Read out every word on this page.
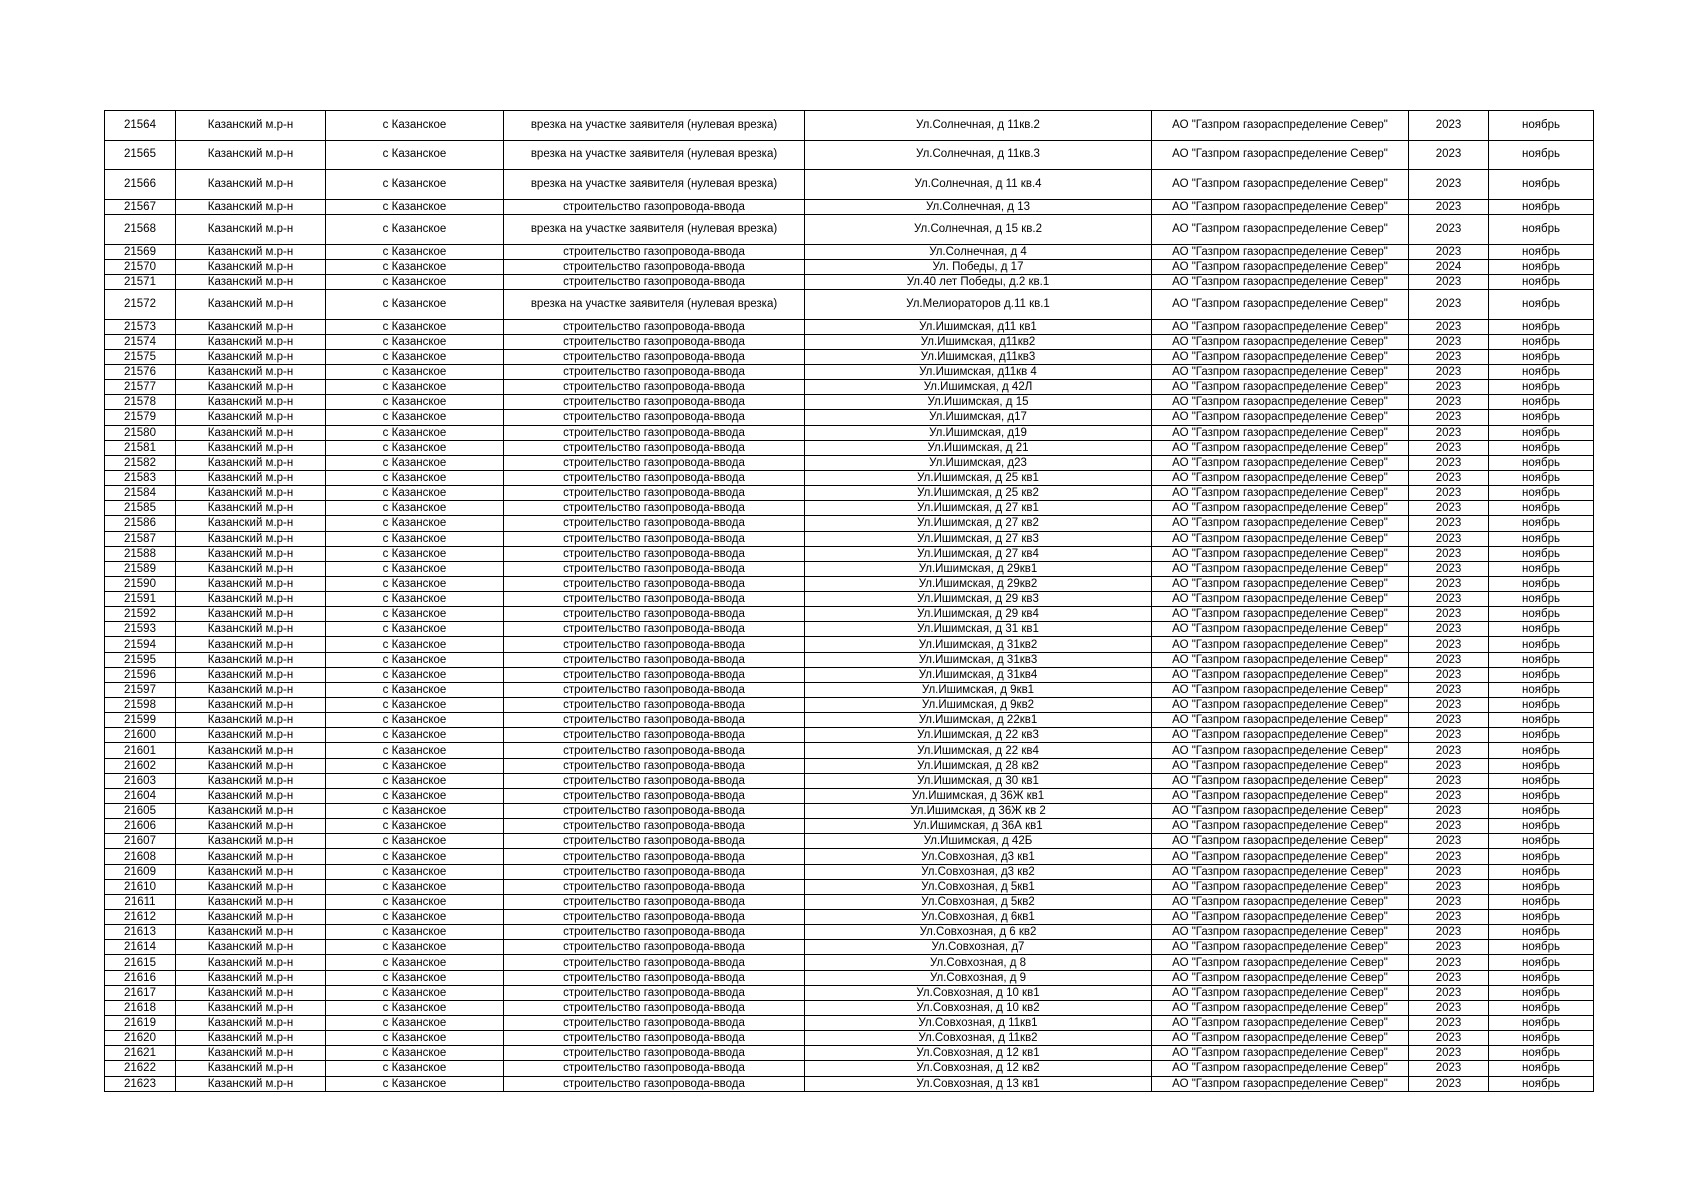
21564	Казанский м.р-н	с Казанское	врезка на участке заявителя (нулевая врезка)	Ул.Солнечная, д 11кв.2	АО "Газпром газораспределение Север"	2023	ноябрь
21565	Казанский м.р-н	с Казанское	врезка на участке заявителя (нулевая врезка)	Ул.Солнечная, д 11кв.3	АО "Газпром газораспределение Север"	2023	ноябрь
21566	Казанский м.р-н	с Казанское	врезка на участке заявителя (нулевая врезка)	Ул.Солнечная, д 11 кв.4	АО "Газпром газораспределение Север"	2023	ноябрь
21567	Казанский м.р-н	с Казанское	строительство газопровода-ввода	Ул.Солнечная, д 13	АО "Газпром газораспределение Север"	2023	ноябрь
21568	Казанский м.р-н	с Казанское	врезка на участке заявителя (нулевая врезка)	Ул.Солнечная, д 15 кв.2	АО "Газпром газораспределение Север"	2023	ноябрь
21569	Казанский м.р-н	с Казанское	строительство газопровода-ввода	Ул.Солнечная, д 4	АО "Газпром газораспределение Север"	2023	ноябрь
21570	Казанский м.р-н	с Казанское	строительство газопровода-ввода	Ул. Победы, д 17	АО "Газпром газораспределение Север"	2024	ноябрь
21571	Казанский м.р-н	с Казанское	строительство газопровода-ввода	Ул.40 лет Победы, д.2 кв.1	АО "Газпром газораспределение Север"	2023	ноябрь
21572	Казанский м.р-н	с Казанское	врезка на участке заявителя (нулевая врезка)	Ул.Мелиораторов д.11 кв.1	АО "Газпром газораспределение Север"	2023	ноябрь
21573	Казанский м.р-н	с Казанское	строительство газопровода-ввода	Ул.Ишимская, д11 кв1	АО "Газпром газораспределение Север"	2023	ноябрь
21574	Казанский м.р-н	с Казанское	строительство газопровода-ввода	Ул.Ишимская, д11кв2	АО "Газпром газораспределение Север"	2023	ноябрь
21575	Казанский м.р-н	с Казанское	строительство газопровода-ввода	Ул.Ишимская, д11кв3	АО "Газпром газораспределение Север"	2023	ноябрь
21576	Казанский м.р-н	с Казанское	строительство газопровода-ввода	Ул.Ишимская, д11кв 4	АО "Газпром газораспределение Север"	2023	ноябрь
21577	Казанский м.р-н	с Казанское	строительство газопровода-ввода	Ул.Ишимская, д 42Л	АО "Газпром газораспределение Север"	2023	ноябрь
21578	Казанский м.р-н	с Казанское	строительство газопровода-ввода	Ул.Ишимская, д 15	АО "Газпром газораспределение Север"	2023	ноябрь
21579	Казанский м.р-н	с Казанское	строительство газопровода-ввода	Ул.Ишимская, д17	АО "Газпром газораспределение Север"	2023	ноябрь
21580	Казанский м.р-н	с Казанское	строительство газопровода-ввода	Ул.Ишимская, д19	АО "Газпром газораспределение Север"	2023	ноябрь
21581	Казанский м.р-н	с Казанское	строительство газопровода-ввода	Ул.Ишимская, д 21	АО "Газпром газораспределение Север"	2023	ноябрь
21582	Казанский м.р-н	с Казанское	строительство газопровода-ввода	Ул.Ишимская, д23	АО "Газпром газораспределение Север"	2023	ноябрь
21583	Казанский м.р-н	с Казанское	строительство газопровода-ввода	Ул.Ишимская, д 25 кв1	АО "Газпром газораспределение Север"	2023	ноябрь
21584	Казанский м.р-н	с Казанское	строительство газопровода-ввода	Ул.Ишимская, д 25 кв2	АО "Газпром газораспределение Север"	2023	ноябрь
21585	Казанский м.р-н	с Казанское	строительство газопровода-ввода	Ул.Ишимская, д 27 кв1	АО "Газпром газораспределение Север"	2023	ноябрь
21586	Казанский м.р-н	с Казанское	строительство газопровода-ввода	Ул.Ишимская, д 27 кв2	АО "Газпром газораспределение Север"	2023	ноябрь
21587	Казанский м.р-н	с Казанское	строительство газопровода-ввода	Ул.Ишимская, д 27 кв3	АО "Газпром газораспределение Север"	2023	ноябрь
21588	Казанский м.р-н	с Казанское	строительство газопровода-ввода	Ул.Ишимская, д 27 кв4	АО "Газпром газораспределение Север"	2023	ноябрь
21589	Казанский м.р-н	с Казанское	строительство газопровода-ввода	Ул.Ишимская, д 29кв1	АО "Газпром газораспределение Север"	2023	ноябрь
21590	Казанский м.р-н	с Казанское	строительство газопровода-ввода	Ул.Ишимская, д 29кв2	АО "Газпром газораспределение Север"	2023	ноябрь
21591	Казанский м.р-н	с Казанское	строительство газопровода-ввода	Ул.Ишимская, д 29 кв3	АО "Газпром газораспределение Север"	2023	ноябрь
21592	Казанский м.р-н	с Казанское	строительство газопровода-ввода	Ул.Ишимская, д 29 кв4	АО "Газпром газораспределение Север"	2023	ноябрь
21593	Казанский м.р-н	с Казанское	строительство газопровода-ввода	Ул.Ишимская, д 31 кв1	АО "Газпром газораспределение Север"	2023	ноябрь
21594	Казанский м.р-н	с Казанское	строительство газопровода-ввода	Ул.Ишимская, д 31кв2	АО "Газпром газораспределение Север"	2023	ноябрь
21595	Казанский м.р-н	с Казанское	строительство газопровода-ввода	Ул.Ишимская, д 31кв3	АО "Газпром газораспределение Север"	2023	ноябрь
21596	Казанский м.р-н	с Казанское	строительство газопровода-ввода	Ул.Ишимская, д 31кв4	АО "Газпром газораспределение Север"	2023	ноябрь
21597	Казанский м.р-н	с Казанское	строительство газопровода-ввода	Ул.Ишимская, д 9кв1	АО "Газпром газораспределение Север"	2023	ноябрь
21598	Казанский м.р-н	с Казанское	строительство газопровода-ввода	Ул.Ишимская, д 9кв2	АО "Газпром газораспределение Север"	2023	ноябрь
21599	Казанский м.р-н	с Казанское	строительство газопровода-ввода	Ул.Ишимская, д 22кв1	АО "Газпром газораспределение Север"	2023	ноябрь
21600	Казанский м.р-н	с Казанское	строительство газопровода-ввода	Ул.Ишимская, д 22 кв3	АО "Газпром газораспределение Север"	2023	ноябрь
21601	Казанский м.р-н	с Казанское	строительство газопровода-ввода	Ул.Ишимская, д 22 кв4	АО "Газпром газораспределение Север"	2023	ноябрь
21602	Казанский м.р-н	с Казанское	строительство газопровода-ввода	Ул.Ишимская, д 28 кв2	АО "Газпром газораспределение Север"	2023	ноябрь
21603	Казанский м.р-н	с Казанское	строительство газопровода-ввода	Ул.Ишимская, д 30 кв1	АО "Газпром газораспределение Север"	2023	ноябрь
21604	Казанский м.р-н	с Казанское	строительство газопровода-ввода	Ул.Ишимская, д 36Ж кв1	АО "Газпром газораспределение Север"	2023	ноябрь
21605	Казанский м.р-н	с Казанское	строительство газопровода-ввода	Ул.Ишимская, д 36Ж кв 2	АО "Газпром газораспределение Север"	2023	ноябрь
21606	Казанский м.р-н	с Казанское	строительство газопровода-ввода	Ул.Ишимская, д 36А кв1	АО "Газпром газораспределение Север"	2023	ноябрь
21607	Казанский м.р-н	с Казанское	строительство газопровода-ввода	Ул.Ишимская, д 42Б	АО "Газпром газораспределение Север"	2023	ноябрь
21608	Казанский м.р-н	с Казанское	строительство газопровода-ввода	Ул.Совхозная, д3 кв1	АО "Газпром газораспределение Север"	2023	ноябрь
21609	Казанский м.р-н	с Казанское	строительство газопровода-ввода	Ул.Совхозная, д3 кв2	АО "Газпром газораспределение Север"	2023	ноябрь
21610	Казанский м.р-н	с Казанское	строительство газопровода-ввода	Ул.Совхозная, д 5кв1	АО "Газпром газораспределение Север"	2023	ноябрь
21611	Казанский м.р-н	с Казанское	строительство газопровода-ввода	Ул.Совхозная, д 5кв2	АО "Газпром газораспределение Север"	2023	ноябрь
21612	Казанский м.р-н	с Казанское	строительство газопровода-ввода	Ул.Совхозная, д 6кв1	АО "Газпром газораспределение Север"	2023	ноябрь
21613	Казанский м.р-н	с Казанское	строительство газопровода-ввода	Ул.Совхозная, д 6 кв2	АО "Газпром газораспределение Север"	2023	ноябрь
21614	Казанский м.р-н	с Казанское	строительство газопровода-ввода	Ул.Совхозная, д7	АО "Газпром газораспределение Север"	2023	ноябрь
21615	Казанский м.р-н	с Казанское	строительство газопровода-ввода	Ул.Совхозная, д 8	АО "Газпром газораспределение Север"	2023	ноябрь
21616	Казанский м.р-н	с Казанское	строительство газопровода-ввода	Ул.Совхозная, д 9	АО "Газпром газораспределение Север"	2023	ноябрь
21617	Казанский м.р-н	с Казанское	строительство газопровода-ввода	Ул.Совхозная, д 10 кв1	АО "Газпром газораспределение Север"	2023	ноябрь
21618	Казанский м.р-н	с Казанское	строительство газопровода-ввода	Ул.Совхозная, д 10 кв2	АО "Газпром газораспределение Север"	2023	ноябрь
21619	Казанский м.р-н	с Казанское	строительство газопровода-ввода	Ул.Совхозная, д 11кв1	АО "Газпром газораспределение Север"	2023	ноябрь
21620	Казанский м.р-н	с Казанское	строительство газопровода-ввода	Ул.Совхозная, д 11кв2	АО "Газпром газораспределение Север"	2023	ноябрь
21621	Казанский м.р-н	с Казанское	строительство газопровода-ввода	Ул.Совхозная, д 12 кв1	АО "Газпром газораспределение Север"	2023	ноябрь
21622	Казанский м.р-н	с Казанское	строительство газопровода-ввода	Ул.Совхозная, д 12 кв2	АО "Газпром газораспределение Север"	2023	ноябрь
21623	Казанский м.р-н	с Казанское	строительство газопровода-ввода	Ул.Совхозная, д 13 кв1	АО "Газпром газораспределение Север"	2023	ноябрь
